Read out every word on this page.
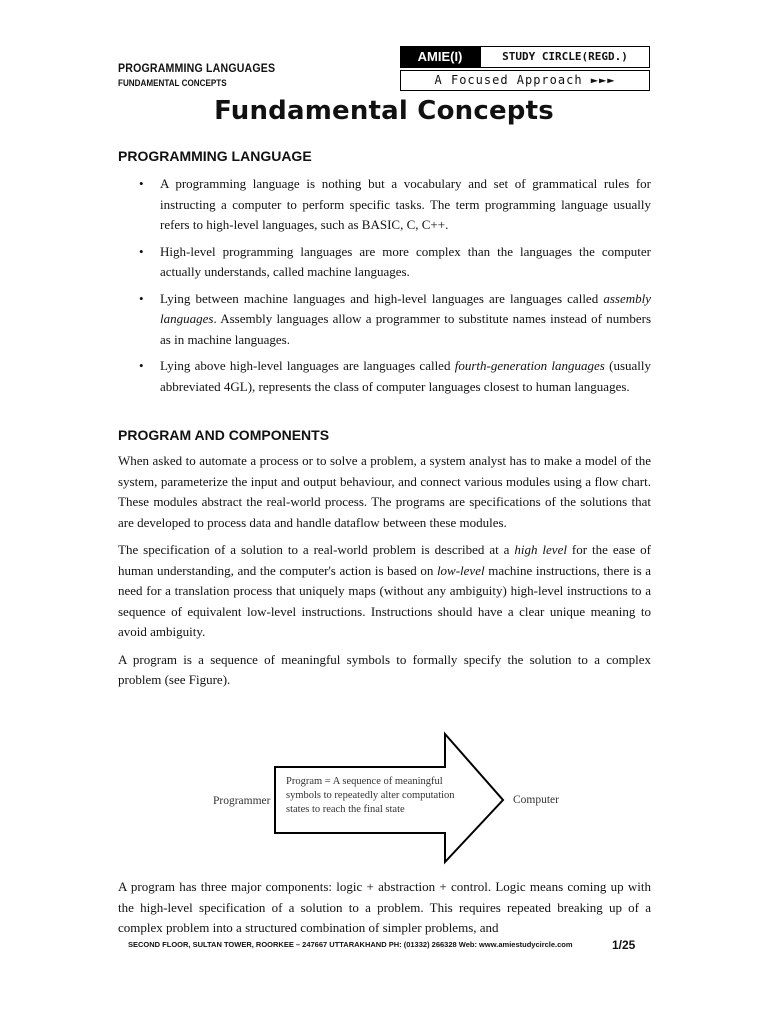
PROGRAMMING LANGUAGES
FUNDAMENTAL CONCEPTS
AMIE(I)	STUDY CIRCLE(REGD.)
A Focused Approach ►►►
Fundamental Concepts
PROGRAMMING LANGUAGE
• A programming language is nothing but a vocabulary and set of grammatical rules for instructing a computer to perform specific tasks. The term programming language usually refers to high-level languages, such as BASIC, C, C++.
• High-level programming languages are more complex than the languages the computer actually understands, called machine languages.
• Lying between machine languages and high-level languages are languages called assembly languages. Assembly languages allow a programmer to substitute names instead of numbers as in machine languages.
• Lying above high-level languages are languages called fourth-generation languages (usually abbreviated 4GL), represents the class of computer languages closest to human languages.
PROGRAM AND COMPONENTS

When asked to automate a process or to solve a problem, a system analyst has to make a model of the system, parameterize the input and output behaviour, and connect various modules using a flow chart. These modules abstract the real-world process. The programs are specifications of the solutions that are developed to process data and handle dataflow between these modules.

The specification of a solution to a real-world problem is described at a high level for the ease of human understanding, and the computer's action is based on low-level machine instructions, there is a need for a translation process that uniquely maps (without any ambiguity) high-level instructions to a sequence of equivalent low-level instructions. Instructions should have a clear unique meaning to avoid ambiguity.

A program is a sequence of meaningful symbols to formally specify the solution to a complex problem (see Figure).

Programmer	Computer
Program = A sequence of meaningful
symbols to repeatedly alter computation
states to reach the final state

A program has three major components: logic + abstraction + control. Logic means coming up with the high-level specification of a solution to a problem. This requires repeated breaking up of a complex problem into a structured combination of simpler problems, and

SECOND FLOOR, SULTAN TOWER, ROORKEE – 247667 UTTARAKHAND PH: (01332) 266328 Web: www.amiestudycircle.com	1/25
